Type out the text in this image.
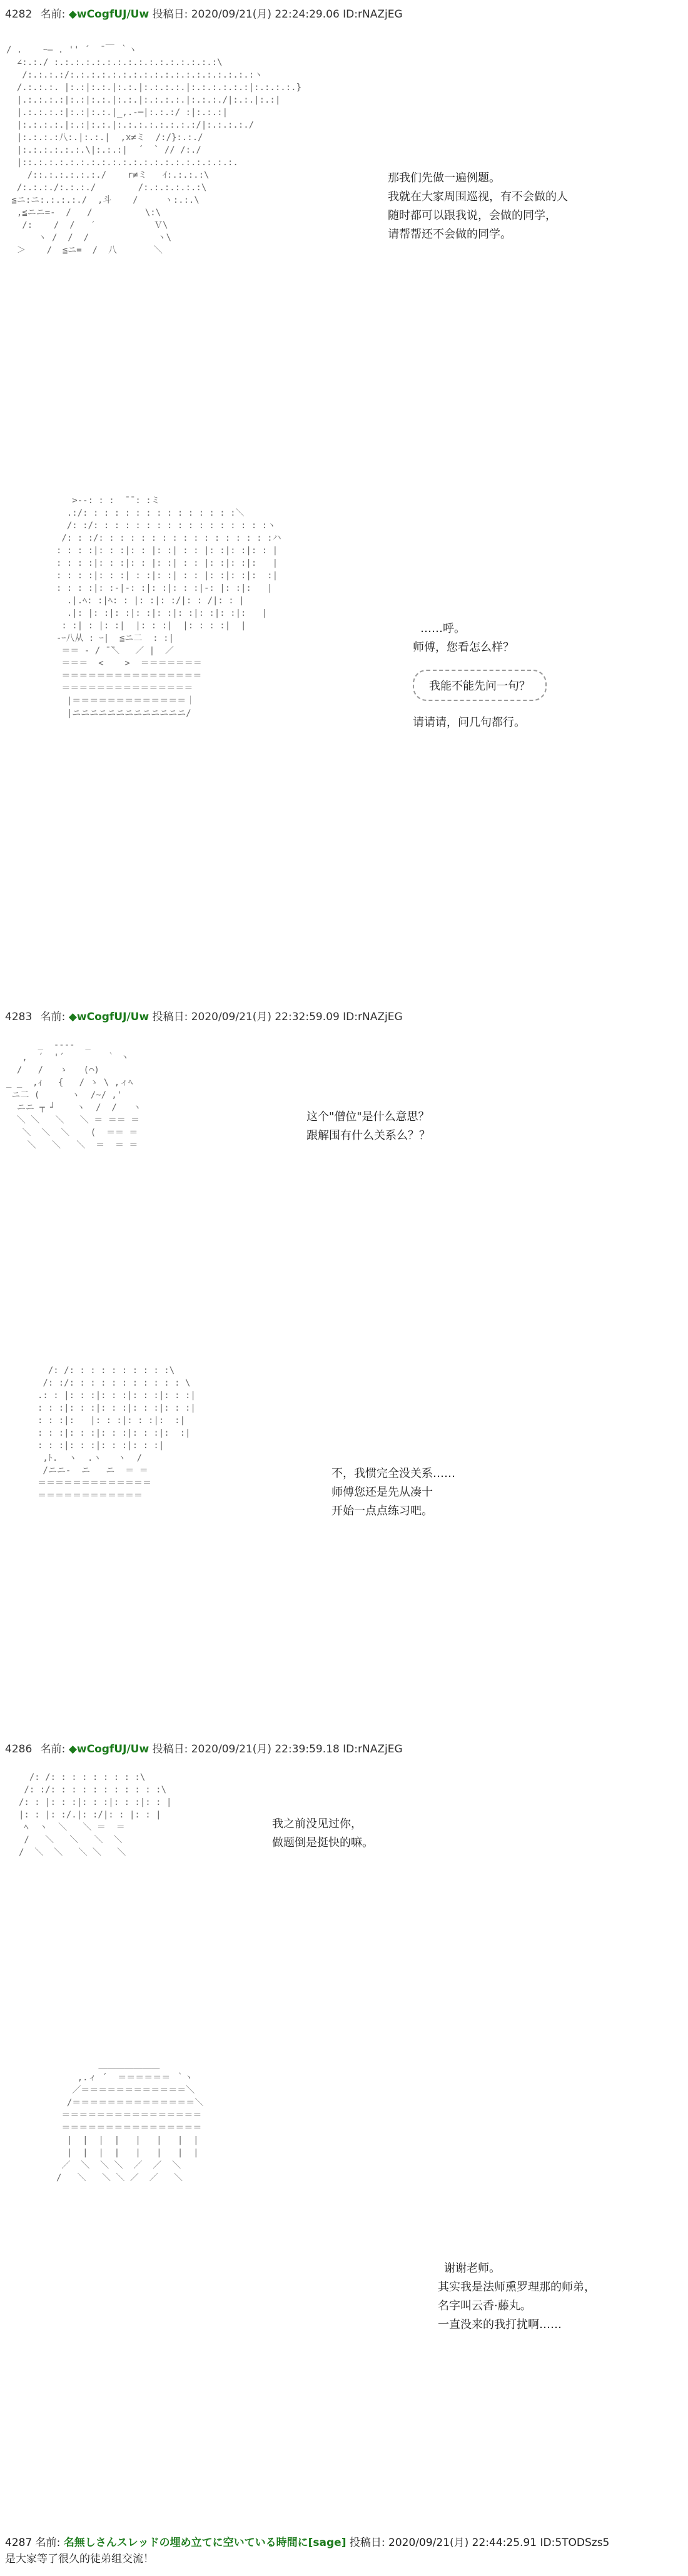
4282 名前: ◆wCogfUJ/Uw 投稿日: 2020/09/21(月) 22:24:29.06 ID:rNAZjEG
/ .    ｰ― . '' ´  ̄ ￣ ｀ヽ
∠:.:./ :.:.:.:.:.:.:.:.:.:.:.:.:.:.:.:\
/:.:.:.:/:.:.:.:.:.:.:.:.:.:.:.:.:.:.:.:.:.:ヽ
/.:.:.:. |:.:|:.:.|:.:.|:.:.:.:.|:.:.:.:.:.:|:.:.:.:.}
|.:.:.:.:|:.:|:.:.|:.:.|:.:.:.:.|:.:.:./|:.:.|:.:|
|.:.:.:.:|:.:|:.:.|_,.-─|:.:.:/ :|:.:.:|
|:.:.:.:.|:.:|:.:.|:.:.:.:.:.:.:.:/|:.:.:.:./
|:.:.:.:八:.|:.:.|  ,x≠ミ  /:/}:.:./
|:.:.:.:.:.:.\|:.:.:|  ´  ` // /:./
|::.:.:.:.:.:.:.:.:.:.:.:.:.:.:.:.:.:.:.:.
/::.:.:.:.:.:./    r≠ミ   ｲ:.:.:.:\
/:.:.:./:.:.:./        /:.:.:.:.:.:\
≦ニ:ニ:.:.:.:./  ,斗    /     ヽ:.:.\
,≦ニニ=‐  /   /          \:\
/:    /  /   ′           Ｖ\
ヽ /  /  /             ヽ\
＞    /  ≦ニ=  /  八       ＼
那我们先做一遍例题。
我就在大家周围巡视，有不会做的人
随时都可以跟我说，会做的同学，
请帮帮还不会做的同学。
>-‐: : :  ̄ ̄ : :ミ
.:/: : : : : : : : : : : : : : :＼
/: :/: : : : : : : : : : : : : : : : :ヽ
/: : :/: : : : : : : : : : : : : : : : :ハ
: : : :|: : :|: : |: :| : : |: :|: :|: : |
: : : :|: : :|: : |: :| : : |: :|: :|:   |
: : : :|: : :| : :|: :| : : |: :|: :|:  :|
: : : :|: :-|-: :|: :|: : :|-: |: :|:   |
.|.ﾍ: :|ﾍ: : |: :|: :/|: : /|: : |
.|: |: :|: :|: :|: :|: :|: :|: :|:   |
: :| : |: :|  |: : :|  |: : : :|  |
-ｰ八从 : ｰ|  ≦ニ二  : :|
＝＝ ‐ / ̄ ̄＼   ／ |  ／
＝＝＝  <    >  ＝＝＝＝＝＝＝
＝＝＝＝＝＝＝＝＝＝＝＝＝＝＝＝
＝＝＝＝＝＝＝＝＝＝＝＝＝＝＝
|＝＝＝＝＝＝＝＝＝＝＝＝＝｜
|ニニニニニニニニニニニニニ/
……呼。
师傅，您看怎么样？
我能不能先问一句？
请请请，问几句都行。
4283 名前: ◆wCogfUJ/Uw 投稿日: 2020/09/21(月) 22:32:59.09 ID:rNAZjEG
_  -‐‐-  _
,  ´  '´        ｀ ヽ
/   /   ゝ   (⌒)
_ _  ,ｨ   {   / ゝ \ ,ィﾍ
ニ二 (      ヽ  /~/ ,'
ニニ ┬ ┘    ヽ  /  /   ヽ
＼ ＼   ＼   ＼ ＝ ＝＝ ＝
＼  ＼  ＼    (  ＝＝ ＝
＼   ＼   ＼  ＝  ＝ ＝
这个"僧位"是什么意思？
跟解围有什么关系么？？
/: /: : : : : : : : : :\
/: :/: : : : : : : : : : : \
.: : |: : :|: : :|: : :|: : :|
: : :|: : :|: : :|: : :|: : :|
: : :|:   |: : :|: : :|:  :|
: : :|: : :|: : :|: : :|:  :|
: : :|: : :|: : :|: : :|
,ﾄ.  ヽ  .ヽ   ヽ  /
/ニニ‐  ニ   ニ  ＝ ＝
＝＝＝＝＝＝＝＝＝＝＝＝＝
＝＝＝＝＝＝＝＝＝＝＝＝
不，我惯完全没关系……
师傅您还是先从凑十
开始一点点练习吧。
4286 名前: ◆wCogfUJ/Uw 投稿日: 2020/09/21(月) 22:39:59.18 ID:rNAZjEG
/: /: : : : : : : : :\
/: :/: : : : : : : : : : :\
/: : |: : :|: : :|: : :|: : |
|: : |: :/.|: :/|: : |: : |
ﾍ  ヽ  ＼   ＼ ＝  ＝
/   ＼   ＼   ＼  ＼
/  ＼  ＼   ＼ ＼   ＼
我之前没见过你，
做题倒是挺快的嘛。
＿＿＿＿＿＿＿
,.ィ ´  ＝＝＝＝＝＝ ｀ヽ
／＝＝＝＝＝＝＝＝＝＝＝＝＼
/＝＝＝＝＝＝＝＝＝＝＝＝＝＝＼
＝＝＝＝＝＝＝＝＝＝＝＝＝＝＝＝
＝＝＝＝＝＝＝＝＝＝＝＝＝＝＝＝
|  |  |  |   |   |   |  |
|  |  |  |   |   |   |  |
／  ＼  ＼ ＼  ／  ／  ＼
/   ＼   ＼ ＼ ／  ／   ＼
谢谢老师。
其实我是法师熏罗理那的师弟，
名字叫云香·藤丸。
一直没来的我打扰啊……
4287 名前: 名無しさんスレッドの埋め立てに空いている時間に[sage] 投稿日: 2020/09/21(月) 22:44:25.91 ID:5TODSzs5
是大家等了很久的徒弟组交流！
